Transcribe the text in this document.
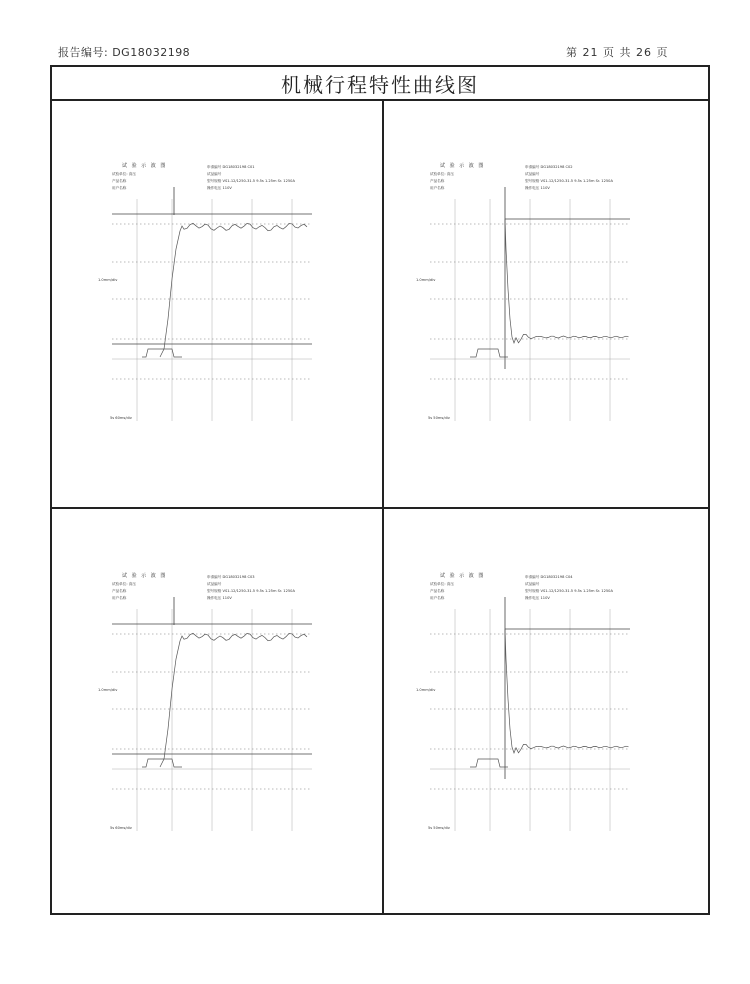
报告编号: DG18032198	第 21 页 共 26 页
机械行程特性曲线图
试 验 示 波 图
试验单位: 高压
产品名称
用户名称
申请编号 DG18032198 C01
试品编号
型号规格 VS1-12/1250-31.5 9.5s 1.25m Sr. 1250A
操作电压 110V
1.0mm/div
5s 60ms/div
试 验 示 波 图
试验单位: 高压
产品名称
用户名称
申请编号 DG18032198 C02
试品编号
型号规格 VS1-12/1250-31.5 9.5s 1.25m Sr. 1250A
操作电压 110V
1.0mm/div
5s 50ms/div
试 验 示 波 图
试验单位: 高压
产品名称
用户名称
申请编号 DG18032198 C03
试品编号
型号规格 VS1-12/1250-31.5 9.5s 1.25m Sr. 1250A
操作电压 110V
1.0mm/div
5s 60ms/div
试 验 示 波 图
试验单位: 高压
产品名称
用户名称
申请编号 DG18032198 C04
试品编号
型号规格 VS1-12/1250-31.5 9.5s 1.25m Sr. 1250A
操作电压 110V
1.0mm/div
5s 50ms/div
